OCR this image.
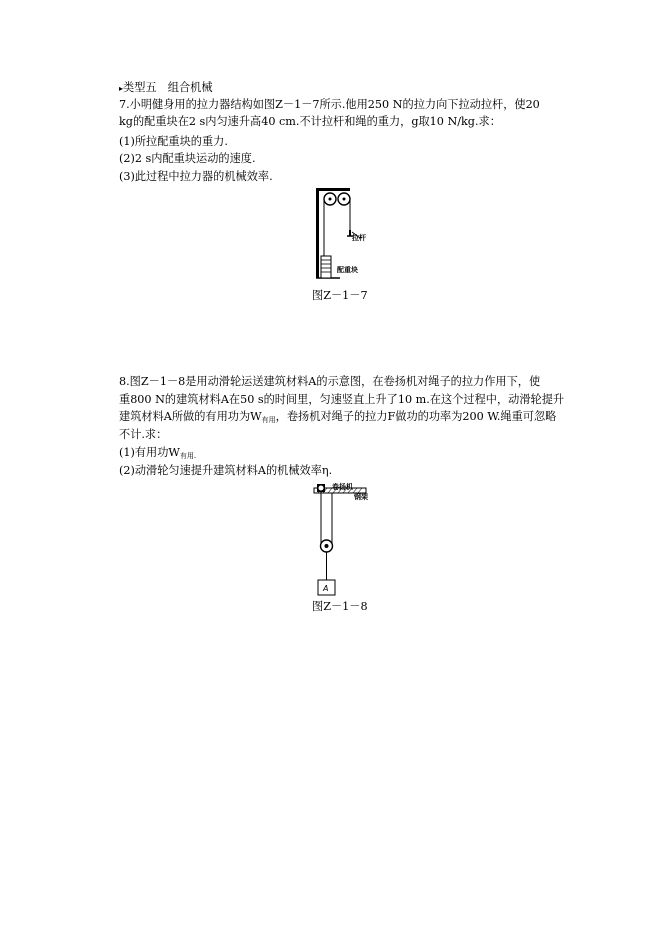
▸类型五　组合机械
7.小明健身用的拉力器结构如图Z－1－7所示.他用250 N的拉力向下拉动拉杆，使20
kg的配重块在2 s内匀速升高40 cm.不计拉杆和绳的重力，g取10 N/kg.求：
(1)所拉配重块的重力.
(2)2 s内配重块运动的速度.
(3)此过程中拉力器的机械效率.
拉杆
配重块
图Z－1－7
8.图Z－1－8是用动滑轮运送建筑材料A的示意图，在卷扬机对绳子的拉力作用下，使
重800 N的建筑材料A在50 s的时间里，匀速竖直上升了10 m.在这个过程中，动滑轮提升
建筑材料A所做的有用功为$W_{有用}$，卷扬机对绳子的拉力F做功的功率为200 W.绳重可忽略
不计.求：
(1)有用功$W_{有用.}$
(2)动滑轮匀速提升建筑材料A的机械效率η.
卷扬机
钢架
A
图Z－1－8
